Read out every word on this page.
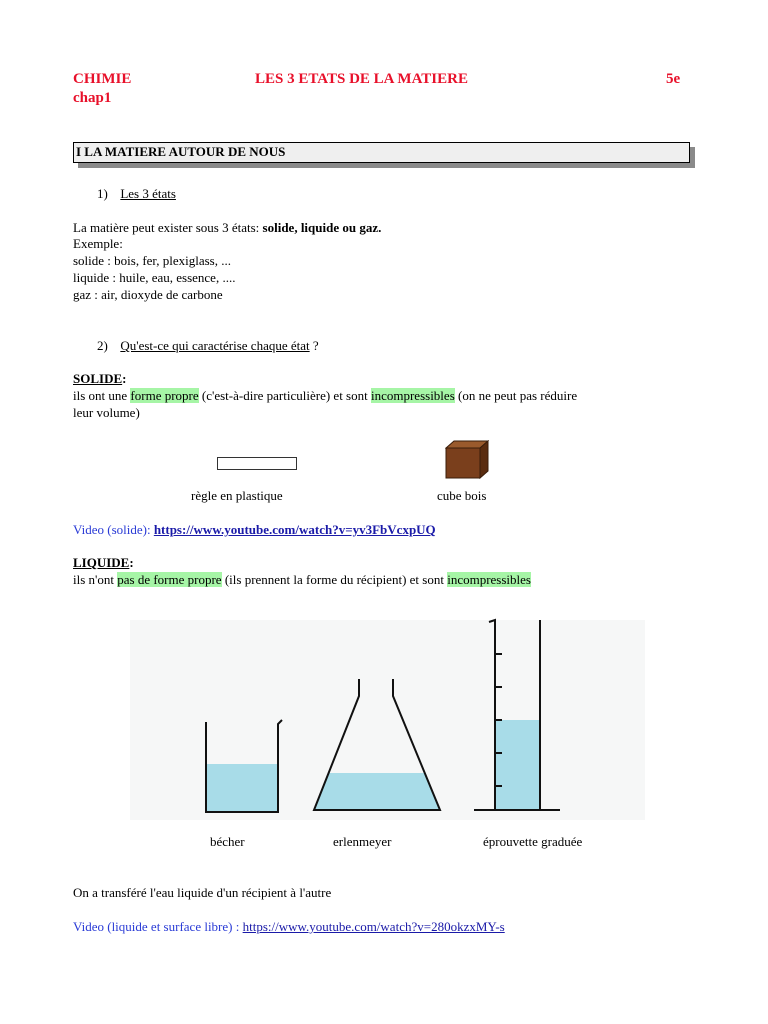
CHIMIE	LES 3 ETATS DE LA MATIERE	5e
chap1
I LA MATIERE AUTOUR DE NOUS
1) Les 3 états
La matière peut exister sous 3 états: solide, liquide ou gaz.
Exemple:
solide : bois, fer, plexiglass, ...
liquide : huile, eau, essence, ....
gaz : air, dioxyde de carbone
2) Qu'est-ce qui caractérise chaque état ?
SOLIDE:
ils ont une forme propre (c'est-à-dire particulière) et sont incompressibles (on ne peut pas réduire
leur volume)
règle en plastique	cube bois
Video (solide): https://www.youtube.com/watch?v=yv3FbVcxpUQ
LIQUIDE:
ils n'ont pas de forme propre (ils prennent la forme du récipient) et sont incompressibles
bécher	erlenmeyer	éprouvette graduée
On a transféré l'eau liquide d'un récipient à l'autre
Video (liquide et surface libre) : https://www.youtube.com/watch?v=280okzxMY-s
